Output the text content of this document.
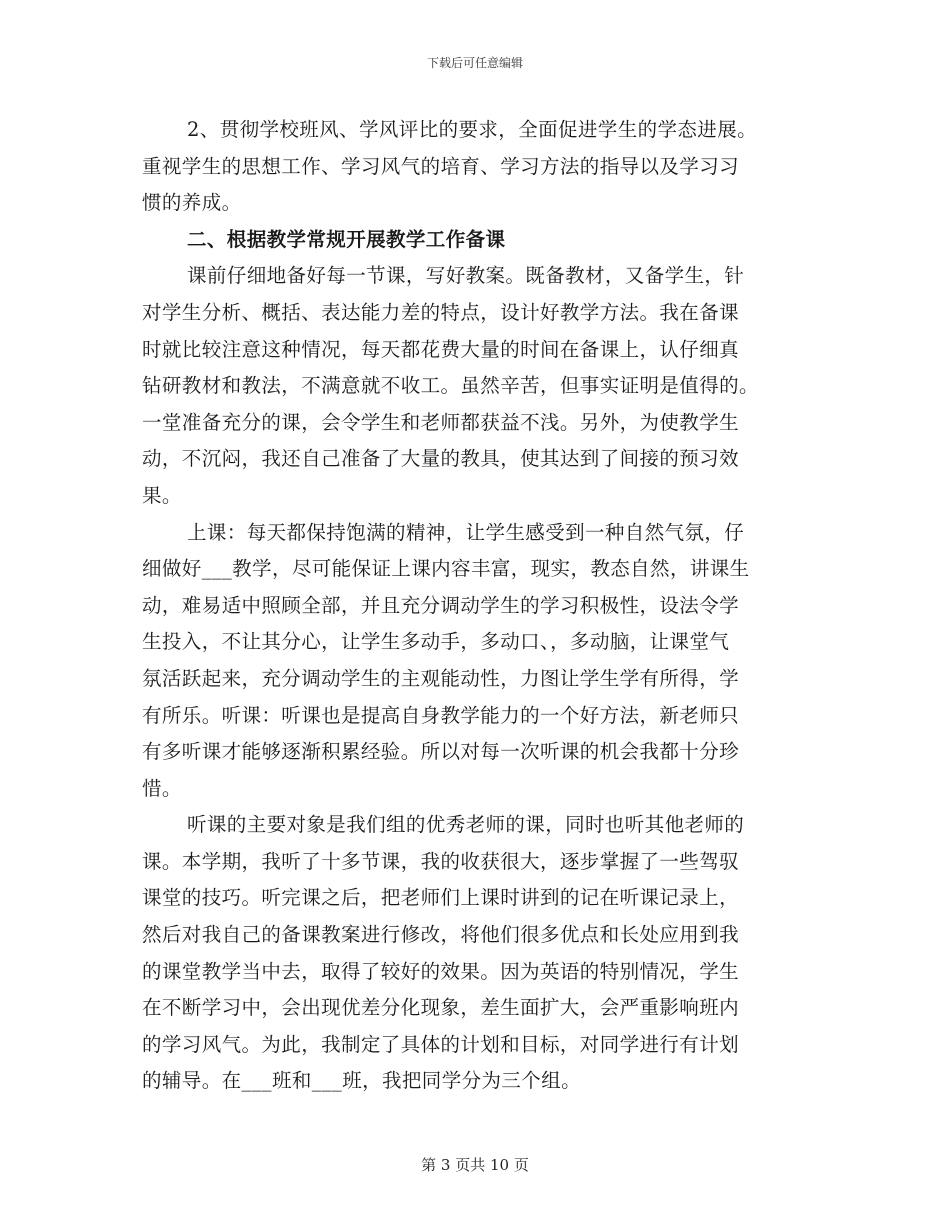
下载后可任意编辑
2、贯彻学校班风、学风评比的要求，全面促进学生的学态进展。
重视学生的思想工作、学习风气的培育、学习方法的指导以及学习习
惯的养成。
二、根据教学常规开展教学工作备课
课前仔细地备好每一节课，写好教案。既备教材，又备学生，针
对学生分析、概括、表达能力差的特点，设计好教学方法。我在备课
时就比较注意这种情况，每天都花费大量的时间在备课上，认仔细真
钻研教材和教法，不满意就不收工。虽然辛苦，但事实证明是值得的。
一堂准备充分的课，会令学生和老师都获益不浅。另外，为使教学生
动，不沉闷，我还自己准备了大量的教具，使其达到了间接的预习效
果。
上课：每天都保持饱满的精神，让学生感受到一种自然气氛，仔
细做好___教学，尽可能保证上课内容丰富，现实，教态自然，讲课生
动，难易适中照顾全部，并且充分调动学生的学习积极性，设法令学
生投入，不让其分心，让学生多动手，多动口、，多动脑，让课堂气
氛活跃起来，充分调动学生的主观能动性，力图让学生学有所得，学
有所乐。听课：听课也是提高自身教学能力的一个好方法，新老师只
有多听课才能够逐渐积累经验。所以对每一次听课的机会我都十分珍
惜。
听课的主要对象是我们组的优秀老师的课，同时也听其他老师的
课。本学期，我听了十多节课，我的收获很大，逐步掌握了一些驾驭
课堂的技巧。听完课之后，把老师们上课时讲到的记在听课记录上，
然后对我自己的备课教案进行修改，将他们很多优点和长处应用到我
的课堂教学当中去，取得了较好的效果。因为英语的特别情况，学生
在不断学习中，会出现优差分化现象，差生面扩大，会严重影响班内
的学习风气。为此，我制定了具体的计划和目标，对同学进行有计划
的辅导。在___班和___班，我把同学分为三个组。
第 3 页共 10 页
